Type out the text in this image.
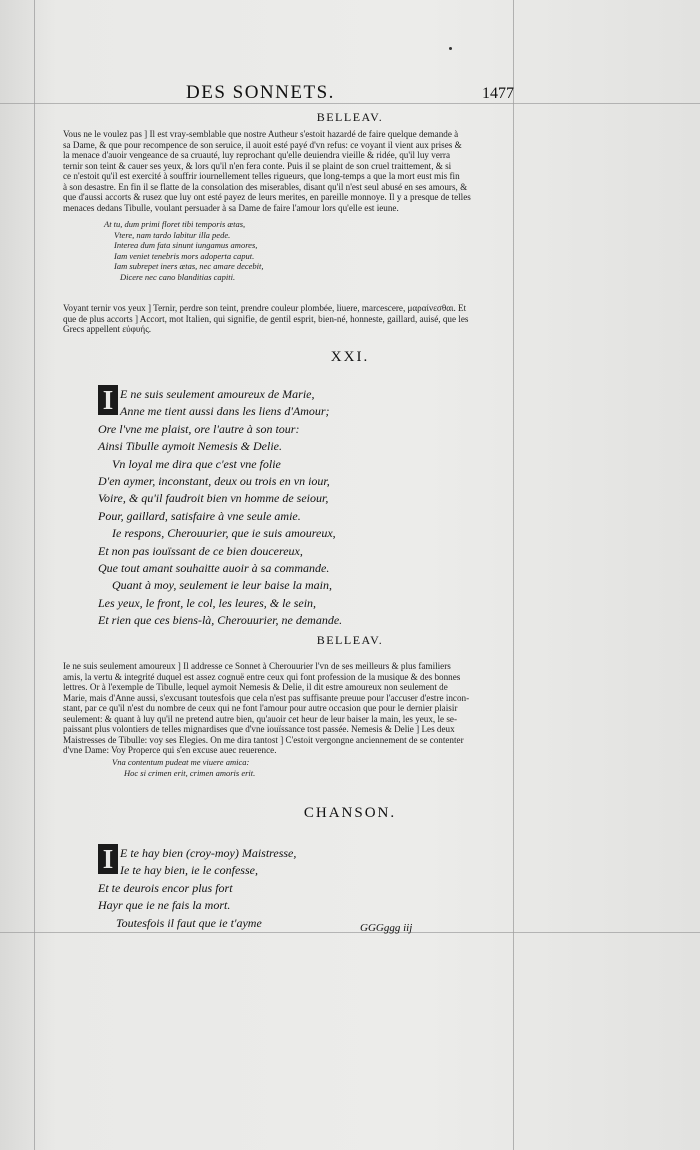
DES SONNETS.	1477
BELLEAV.
Vous ne le voulez pas ] Il est vray-semblable que nostre Autheur s'estoit hazardé de faire quelque demande à
sa Dame, & que pour recompence de son seruice, il auoit esté payé d'vn refus: ce voyant il vient aux prises &
la menace d'auoir vengeance de sa cruauté, luy reprochant qu'elle deuiendra vieille & ridée, qu'il luy verra
ternir son teint & cauer ses yeux, & lors qu'il n'en fera conte. Puis il se plaint de son cruel traittement, & si
ce n'estoit qu'il est exercité à souffrir iournellement telles rigueurs, que long-temps a que la mort eust mis fin
à son desastre. En fin il se flatte de la consolation des miserables, disant qu'il n'est seul abusé en ses amours, &
que d'aussi accorts & rusez que luy ont esté payez de leurs merites, en pareille monnoye. Il y a presque de telles
menaces dedans Tibulle, voulant persuader à sa Dame de faire l'amour lors qu'elle est ieune.
At tu, dum primi floret tibi temporis ætas,
Vtere, nam tardo labitur illa pede.
Interea dum fata sinunt iungamus amores,
Iam veniet tenebris mors adoperta caput.
Iam subrepet iners ætas, nec amare decebit,
Dicere nec cano blanditias capiti.
Voyant ternir vos yeux ] Ternir, perdre son teint, prendre couleur plombée, liuere, marcescere, μαραίνεσθαι. Et
que de plus accorts ] Accort, mot Italien, qui signifie, de gentil esprit, bien-né, honneste, gaillard, auisé, que les
Grecs appellent εὐφυής.
XXI.
I E ne suis seulement amoureux de Marie,
Anne me tient aussi dans les liens d'Amour;
Ore l'vne me plaist, ore l'autre à son tour:
Ainsi Tibulle aymoit Nemesis & Delie.
Vn loyal me dira que c'est vne folie
D'en aymer, inconstant, deux ou trois en vn iour,
Voire, & qu'il faudroit bien vn homme de seiour,
Pour, gaillard, satisfaire à vne seule amie.
Ie respons, Cherouurier, que ie suis amoureux,
Et non pas iouïssant de ce bien doucereux,
Que tout amant souhaitte auoir à sa commande.
Quant à moy, seulement ie leur baise la main,
Les yeux, le front, le col, les leures, & le sein,
Et rien que ces biens-là, Cherouurier, ne demande.
BELLEAV.
Ie ne suis seulement amoureux ] Il addresse ce Sonnet à Cherouurier l'vn de ses meilleurs & plus familiers
amis, la vertu & integrité duquel est assez cognuë entre ceux qui font profession de la musique & des bonnes
lettres. Or à l'exemple de Tibulle, lequel aymoit Nemesis & Delie, il dit estre amoureux non seulement de
Marie, mais d'Anne aussi, s'excusant toutesfois que cela n'est pas suffisante preuue pour l'accuser d'estre incon-
stant, par ce qu'il n'est du nombre de ceux qui ne font l'amour pour autre occasion que pour le dernier plaisir
seulement: & quant à luy qu'il ne pretend autre bien, qu'auoir cet heur de leur baiser la main, les yeux, le se-
paissant plus volontiers de telles mignardises que d'vne iouïssance tost passée. Nemesis & Delie ] Les deux
Maistresses de Tibulle: voy ses Elegies. On me dira tantost ] C'estoit vergongne anciennement de se contenter
d'vne Dame: Voy Properce qui s'en excuse auec reuerence.
Vna contentum pudeat me viuere amica:
Hoc si crimen erit, crimen amoris erit.
CHANSON.
I E te hay bien (croy-moy) Maistresse,
Ie te hay bien, ie le confesse,
Et te deurois encor plus fort
Hayr que ie ne fais la mort.
Toutesfois il faut que ie t'ayme	GGGggg iij
